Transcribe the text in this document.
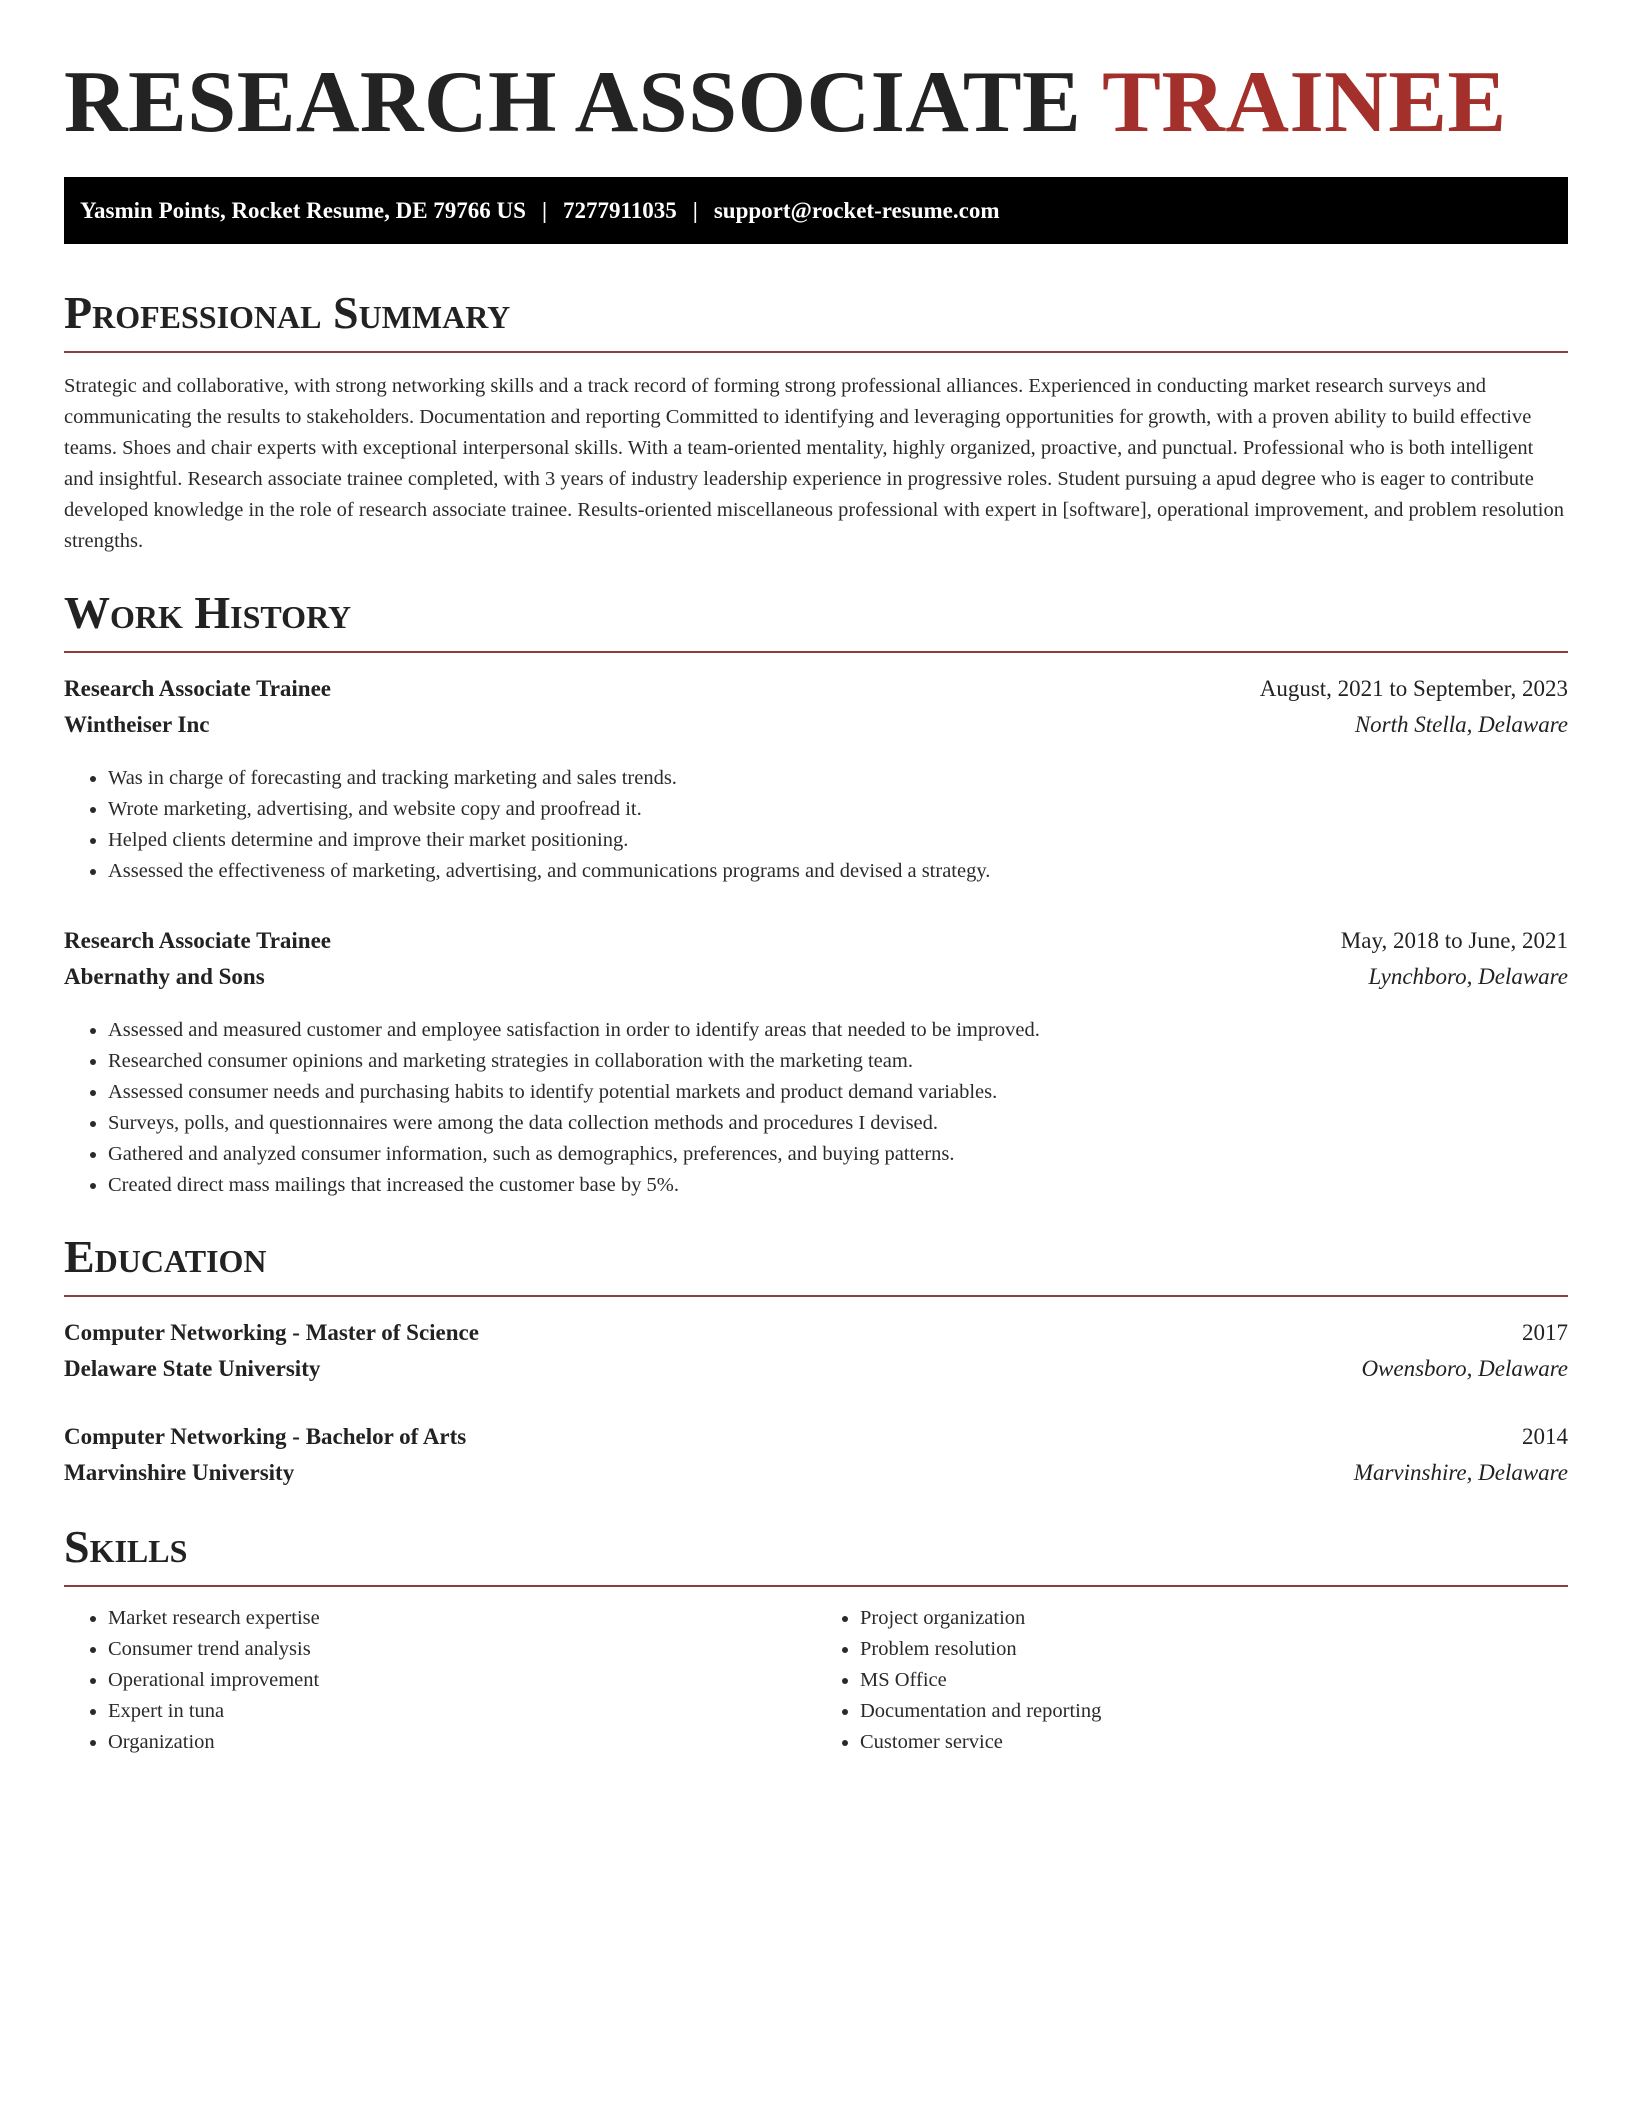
RESEARCH ASSOCIATE TRAINEE
Yasmin Points, Rocket Resume, DE 79766 US | 7277911035 | support@rocket-resume.com
Professional Summary

Strategic and collaborative, with strong networking skills and a track record of forming strong professional alliances. Experienced in conducting market research surveys and communicating the results to stakeholders. Documentation and reporting Committed to identifying and leveraging opportunities for growth, with a proven ability to build effective teams. Shoes and chair experts with exceptional interpersonal skills. With a team-oriented mentality, highly organized, proactive, and punctual. Professional who is both intelligent and insightful. Research associate trainee completed, with 3 years of industry leadership experience in progressive roles. Student pursuing a apud degree who is eager to contribute developed knowledge in the role of research associate trainee. Results-oriented miscellaneous professional with expert in [software], operational improvement, and problem resolution strengths.

Work History
Research Associate Trainee	August, 2021 to September, 2023
Wintheiser Inc	North Stella, Delaware
• Was in charge of forecasting and tracking marketing and sales trends.
• Wrote marketing, advertising, and website copy and proofread it.
• Helped clients determine and improve their market positioning.
• Assessed the effectiveness of marketing, advertising, and communications programs and devised a strategy.
Research Associate Trainee	May, 2018 to June, 2021
Abernathy and Sons	Lynchboro, Delaware
• Assessed and measured customer and employee satisfaction in order to identify areas that needed to be improved.
• Researched consumer opinions and marketing strategies in collaboration with the marketing team.
• Assessed consumer needs and purchasing habits to identify potential markets and product demand variables.
• Surveys, polls, and questionnaires were among the data collection methods and procedures I devised.
• Gathered and analyzed consumer information, such as demographics, preferences, and buying patterns.
• Created direct mass mailings that increased the customer base by 5%.
Education
Computer Networking - Master of Science	2017
Delaware State University	Owensboro, Delaware
Computer Networking - Bachelor of Arts	2014
Marvinshire University	Marvinshire, Delaware
Skills
• Market research expertise
• Consumer trend analysis
• Operational improvement
• Expert in tuna
• Organization
• Project organization
• Problem resolution
• MS Office
• Documentation and reporting
• Customer service
